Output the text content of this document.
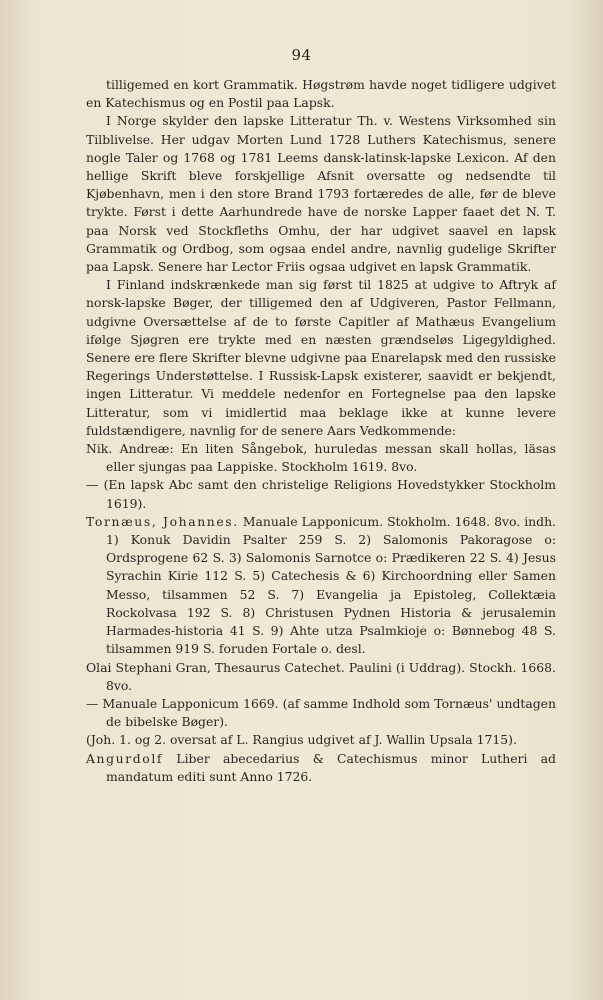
94

tilligemed en kort Grammatik. Høgstrøm havde noget tidligere udgivet en Katechismus og en Postil paa Lapsk.

I Norge skylder den lapske Litteratur Th. v. Westens Virksomhed sin Tilblivelse. Her udgav Morten Lund 1728 Luthers Katechismus, senere nogle Taler og 1768 og 1781 Leems dansk-latinsk-lapske Lexicon. Af den hellige Skrift bleve forskjellige Afsnit oversatte og nedsendte til Kjøbenhavn, men i den store Brand 1793 fortæredes de alle, før de bleve trykte. Først i dette Aarhundrede have de norske Lapper faaet det N. T. paa Norsk ved Stockfleths Omhu, der har udgivet saavel en lapsk Grammatik og Ordbog, som ogsaa endel andre, navnlig gudelige Skrifter paa Lapsk. Senere har Lector Friis ogsaa udgivet en lapsk Grammatik.

I Finland indskrænkede man sig først til 1825 at udgive to Aftryk af norsk-lapske Bøger, der tilligemed den af Udgiveren, Pastor Fellmann, udgivne Oversættelse af de to første Capitler af Mathæus Evangelium ifølge Sjøgren ere trykte med en næsten grændseløs Ligegyldighed. Senere ere flere Skrifter blevne udgivne paa Enarelapsk med den russiske Regerings Understøttelse. I Russisk-Lapsk existerer, saavidt er bekjendt, ingen Litteratur. Vi meddele nedenfor en Fortegnelse paa den lapske Litteratur, som vi imidlertid maa beklage ikke at kunne levere fuldstændigere, navnlig for de senere Aars Vedkommende:

Nik. Andreæ: En liten Sångebok, huruledas messan skall hollas, läsas eller sjungas paa Lappiske. Stockholm 1619. 8vo.
— (En lapsk Abc samt den christelige Religions Hovedstykker Stockholm 1619).
Tornæus, Johannes. Manuale Lapponicum. Stokholm. 1648. 8vo. indh. 1) Konuk Davidin Psalter 259 S. 2) Salomonis Pakoragose o: Ordsprogene 62 S. 3) Salomonis Sarnotce o: Prædikeren 22 S. 4) Jesus Syrachin Kirie 112 S. 5) Catechesis & 6) Kirchoordning eller Samen Messo, tilsammen 52 S. 7) Evangelia ja Epistoleg, Collektæia Rockolvasa 192 S. 8) Christusen Pydnen Historia & jerusalemin Harmades-historia 41 S. 9) Ahte utza Psalmkioje o: Bønnebog 48 S. tilsammen 919 S. foruden Fortale o. desl.
Olai Stephani Gran, Thesaurus Catechet. Paulini (i Uddrag). Stockh. 1668. 8vo.
— Manuale Lapponicum 1669. (af samme Indhold som Tornæus' undtagen de bibelske Bøger).
(Joh. 1. og 2. oversat af L. Rangius udgivet af J. Wallin Upsala 1715).
Angurdolf Liber abecedarius & Catechismus minor Lutheri ad mandatum editi sunt Anno 1726.
